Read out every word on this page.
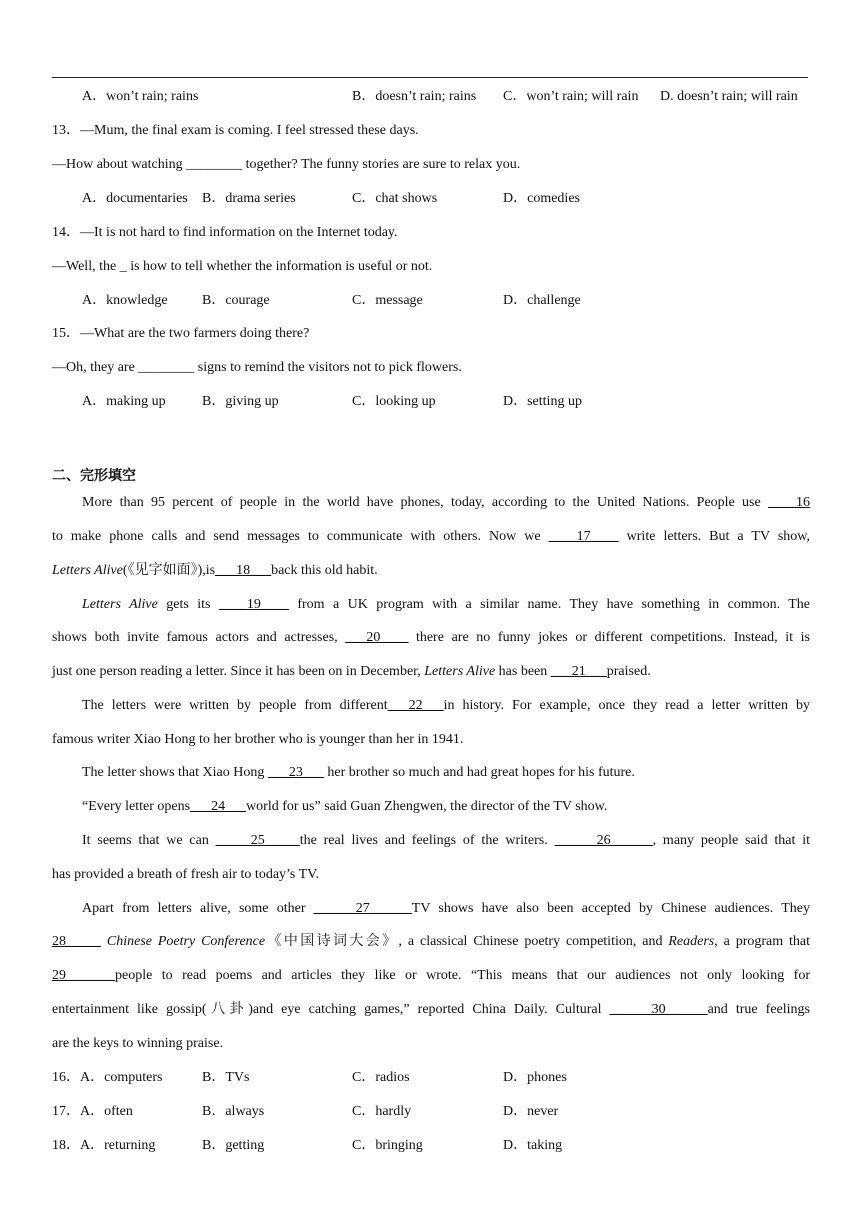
A．won’t rain; rains	B．doesn’t rain; rains C．won’t rain; will rain D. doesn’t rain; will rain
13．—Mum, the final exam is coming. I feel stressed these days.
—How about watching ________ together? The funny stories are sure to relax you.
A．documentaries B．drama series	C．chat shows	D．comedies
14．—It is not hard to find information on the Internet today.
—Well, the _ is how to tell whether the information is useful or not.
A．knowledge B．courage	C．message	D．challenge
15．—What are the two farmers doing there?
—Oh, they are ________ signs to remind the visitors not to pick flowers.
A．making up	B．giving up	C．looking up	D．setting up
二、完形填空
More than 95 percent of people in the world have phones, today, according to the United Nations. People use ____16
to make phone calls and send messages to communicate with others. Now we ____17____ write letters. But a TV show,
Letters Alive(《见字如面》),is___18___back this old habit.
Letters Alive gets its ____19____ from a UK program with a similar name. They have something in common. The
shows both invite famous actors and actresses, ___20____ there are no funny jokes or different competitions. Instead, it is
just one person reading a letter. Since it has been on in December, Letters Alive has been ___21___praised.
The letters were written by people from different___22___in history. For example, once they read a letter written by
famous writer Xiao Hong to her brother who is younger than her in 1941.
The letter shows that Xiao Hong ___23___ her brother so much and had great hopes for his future.
“Every letter opens___24___world for us” said Guan Zhengwen, the director of the TV show.
It seems that we can _____25_____the real lives and feelings of the writers. ______26______, many people said that it
has provided a breath of fresh air to today’s TV.
Apart from letters alive, some other ______27______TV shows have also been accepted by Chinese audiences. They
28_____ Chinese Poetry Conference《中国诗词大会》, a classical Chinese poetry competition, and Readers, a program that
29_______people to read poems and articles they like or wrote. “This means that our audiences not only looking for
entertainment like gossip(八卦)and eye catching games,” reported China Daily. Cultural ______30______and true feelings
are the keys to winning praise.
16． A．computers	B．TVs	C．radios	D．phones
17． A．often	B．always	C．hardly	D．never
18． A．returning	B．getting	C．bringing	D．taking
